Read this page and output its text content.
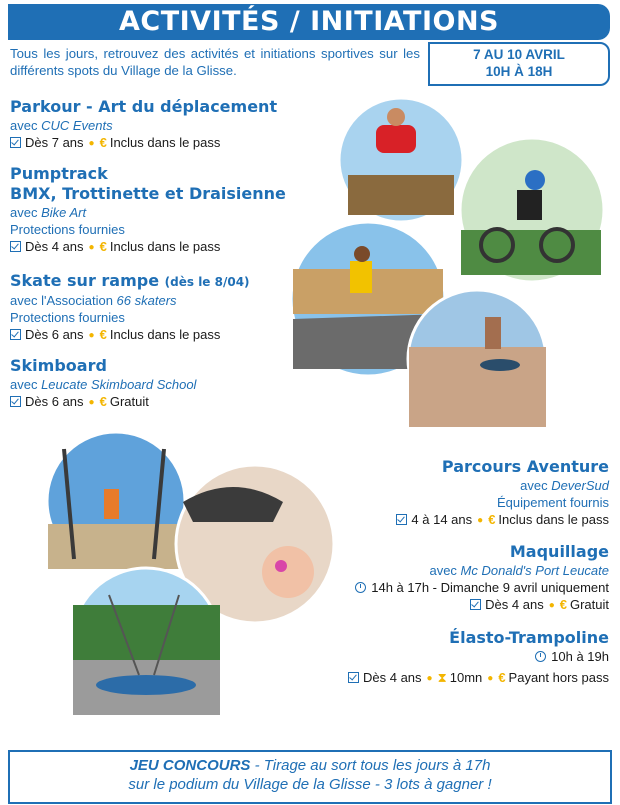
ACTIVITÉS / INITIATIONS
Tous les jours, retrouvez des activités et initiations sportives sur les différents spots du Village de la Glisse.
7 AU 10 AVRIL
10H À 18H
Parkour - Art du déplacement
avec CUC Events
Dès 7 ans ● € Inclus dans le pass
Pumptrack
BMX, Trottinette et Draisienne
avec Bike Art
Protections fournies
Dès 4 ans ● € Inclus dans le pass
Skate sur rampe (dès le 8/04)
avec l'Association 66 skaters
Protections fournies
Dès 6 ans ● € Inclus dans le pass
Skimboard
avec Leucate Skimboard School
Dès 6 ans ● € Gratuit
Parcours Aventure
avec DeverSud
Équipement fournis
4 à 14 ans ● € Inclus dans le pass
Maquillage
avec Mc Donald's Port Leucate
14h à 17h - Dimanche 9 avril uniquement
Dès 4 ans ● € Gratuit
Élasto-Trampoline
10h à 19h
Dès 4 ans ● ⧗ 10mn ● € Payant hors pass
JEU CONCOURS - Tirage au sort tous les jours à 17h
sur le podium du Village de la Glisse - 3 lots à gagner !
